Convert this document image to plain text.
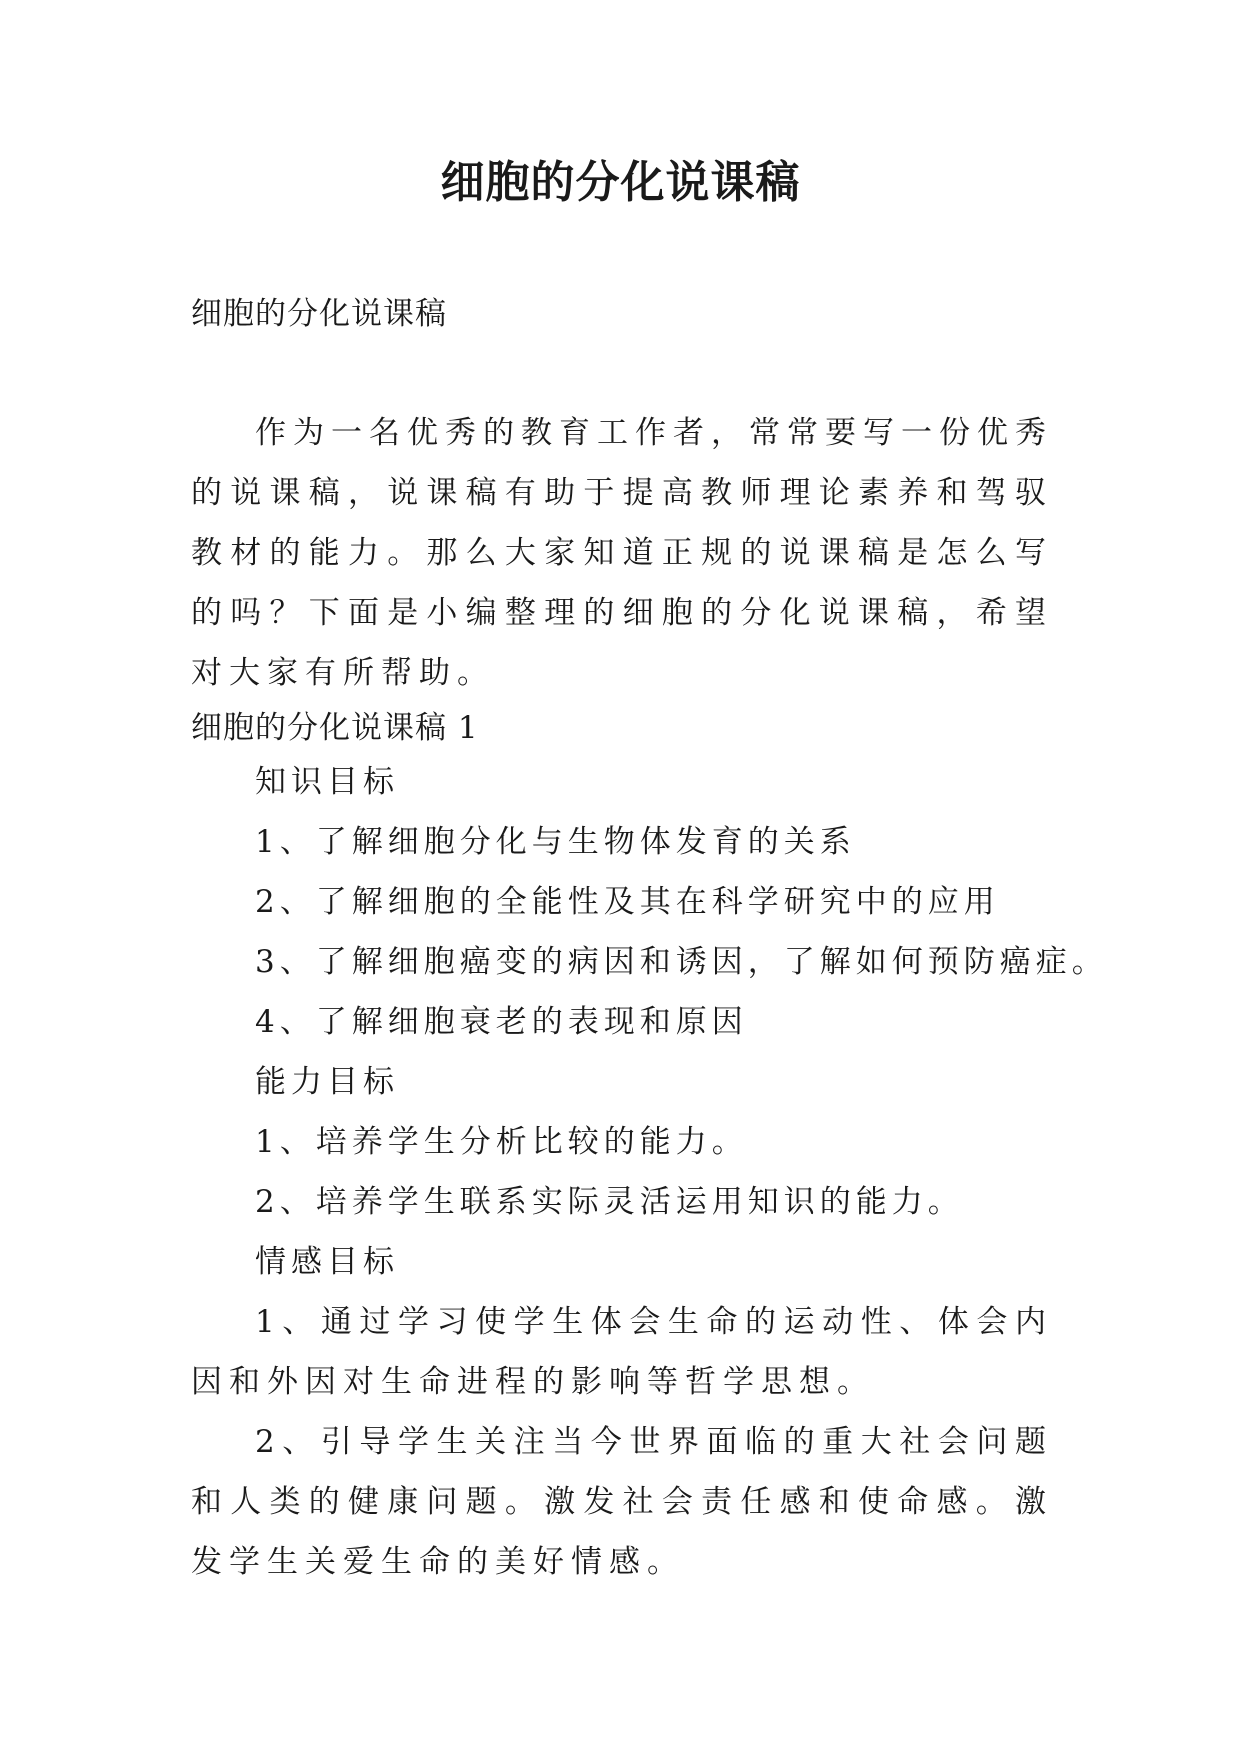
细胞的分化说课稿
细胞的分化说课稿

作为一名优秀的教育工作者，常常要写一份优秀的说课稿，说课稿有助于提高教师理论素养和驾驭教材的能力。那么大家知道正规的说课稿是怎么写的吗？下面是小编整理的细胞的分化说课稿，希望对大家有所帮助。

细胞的分化说课稿 1

知识目标

1、了解细胞分化与生物体发育的关系

2、了解细胞的全能性及其在科学研究中的应用

3、了解细胞癌变的病因和诱因，了解如何预防癌症。

4、了解细胞衰老的表现和原因

能力目标

1、培养学生分析比较的能力。

2、培养学生联系实际灵活运用知识的能力。

情感目标

1、通过学习使学生体会生命的运动性、体会内因和外因对生命进程的影响等哲学思想。

2、引导学生关注当今世界面临的重大社会问题和人类的健康问题。激发社会责任感和使命感。激发学生关爱生命的美好情感。
